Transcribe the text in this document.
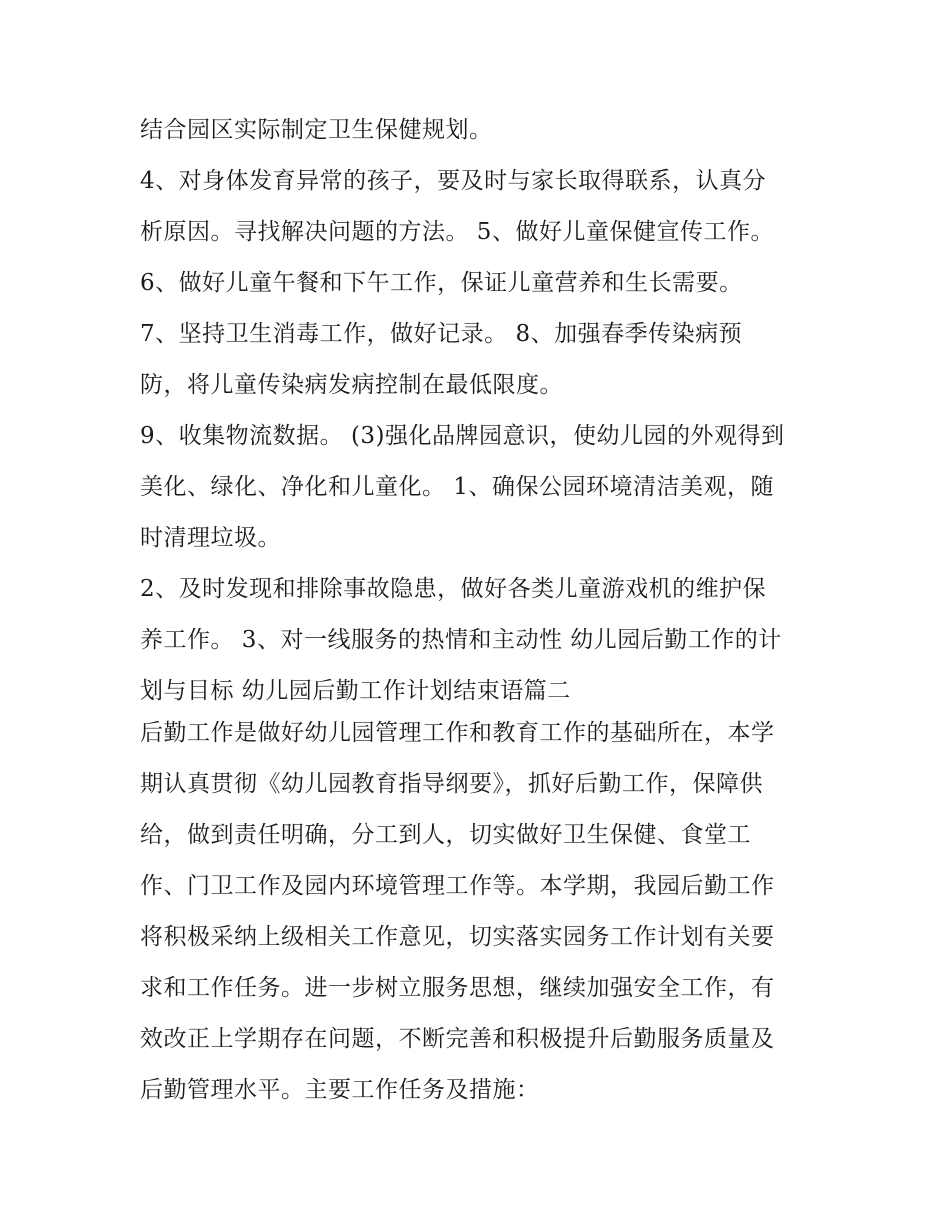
结合园区实际制定卫生保健规划。
4、对身体发育异常的孩子，要及时与家长取得联系，认真分
析原因。寻找解决问题的方法。 5、做好儿童保健宣传工作。
6、做好儿童午餐和下午工作，保证儿童营养和生长需要。
7、坚持卫生消毒工作，做好记录。 8、加强春季传染病预
防，将儿童传染病发病控制在最低限度。
9、收集物流数据。 (3)强化品牌园意识，使幼儿园的外观得到
美化、绿化、净化和儿童化。 1、确保公园环境清洁美观，随
时清理垃圾。
2、及时发现和排除事故隐患，做好各类儿童游戏机的维护保
养工作。 3、对一线服务的热情和主动性 幼儿园后勤工作的计
划与目标 幼儿园后勤工作计划结束语篇二
后勤工作是做好幼儿园管理工作和教育工作的基础所在，本学
期认真贯彻《幼儿园教育指导纲要》，抓好后勤工作，保障供
给，做到责任明确，分工到人，切实做好卫生保健、食堂工
作、门卫工作及园内环境管理工作等。本学期，我园后勤工作
将积极采纳上级相关工作意见，切实落实园务工作计划有关要
求和工作任务。进一步树立服务思想，继续加强安全工作，有
效改正上学期存在问题，不断完善和积极提升后勤服务质量及
后勤管理水平。主要工作任务及措施：
